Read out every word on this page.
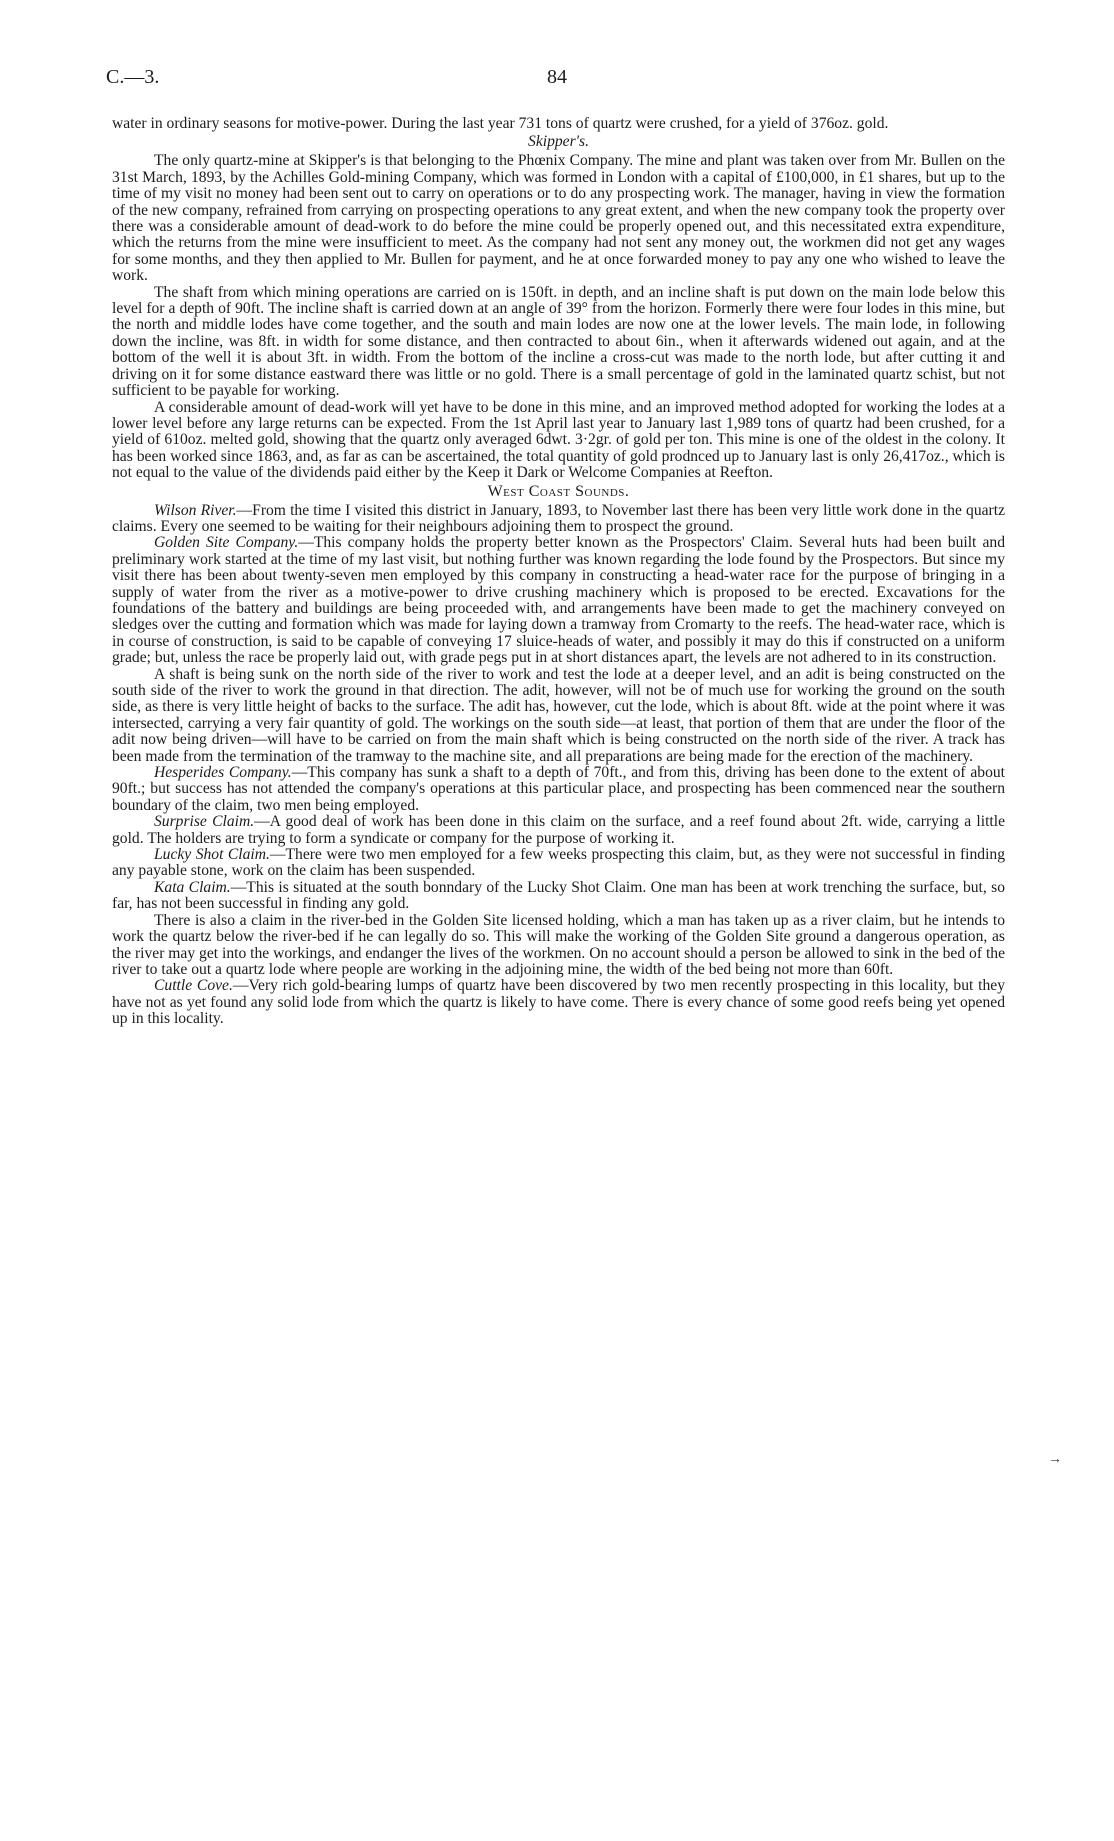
C.—3.	84

water in ordinary seasons for motive-power. During the last year 731 tons of quartz were crushed, for a yield of 376oz. gold.

Skipper's.

The only quartz-mine at Skipper's is that belonging to the Phœnix Company. The mine and plant was taken over from Mr. Bullen on the 31st March, 1893, by the Achilles Gold-mining Company, which was formed in London with a capital of £100,000, in £1 shares, but up to the time of my visit no money had been sent out to carry on operations or to do any prospecting work. The manager, having in view the formation of the new company, refrained from carrying on prospecting operations to any great extent, and when the new company took the property over there was a considerable amount of dead-work to do before the mine could be properly opened out, and this necessitated extra expenditure, which the returns from the mine were insufficient to meet. As the company had not sent any money out, the workmen did not get any wages for some months, and they then applied to Mr. Bullen for payment, and he at once forwarded money to pay any one who wished to leave the work.

The shaft from which mining operations are carried on is 150ft. in depth, and an incline shaft is put down on the main lode below this level for a depth of 90ft. The incline shaft is carried down at an angle of 39° from the horizon. Formerly there were four lodes in this mine, but the north and middle lodes have come together, and the south and main lodes are now one at the lower levels. The main lode, in following down the incline, was 8ft. in width for some distance, and then contracted to about 6in., when it afterwards widened out again, and at the bottom of the well it is about 3ft. in width. From the bottom of the incline a cross-cut was made to the north lode, but after cutting it and driving on it for some distance eastward there was little or no gold. There is a small percentage of gold in the laminated quartz schist, but not sufficient to be payable for working.

A considerable amount of dead-work will yet have to be done in this mine, and an improved method adopted for working the lodes at a lower level before any large returns can be expected. From the 1st April last year to January last 1,989 tons of quartz had been crushed, for a yield of 610oz. melted gold, showing that the quartz only averaged 6dwt. 3·2gr. of gold per ton. This mine is one of the oldest in the colony. It has been worked since 1863, and, as far as can be ascertained, the total quantity of gold prodnced up to January last is only 26,417oz., which is not equal to the value of the dividends paid either by the Keep it Dark or Welcome Companies at Reefton.

West Coast Sounds.

Wilson River.—From the time I visited this district in January, 1893, to November last there has been very little work done in the quartz claims. Every one seemed to be waiting for their neighbours adjoining them to prospect the ground.

Golden Site Company.—This company holds the property better known as the Prospectors' Claim. Several huts had been built and preliminary work started at the time of my last visit, but nothing further was known regarding the lode found by the Prospectors. But since my visit there has been about twenty-seven men employed by this company in constructing a head-water race for the purpose of bringing in a supply of water from the river as a motive-power to drive crushing machinery which is proposed to be erected. Excavations for the foundations of the battery and buildings are being proceeded with, and arrangements have been made to get the machinery conveyed on sledges over the cutting and formation which was made for laying down a tramway from Cromarty to the reefs. The head-water race, which is in course of construction, is said to be capable of conveying 17 sluice-heads of water, and possibly it may do this if constructed on a uniform grade; but, unless the race be properly laid out, with grade pegs put in at short distances apart, the levels are not adhered to in its construction.

A shaft is being sunk on the north side of the river to work and test the lode at a deeper level, and an adit is being constructed on the south side of the river to work the ground in that direction. The adit, however, will not be of much use for working the ground on the south side, as there is very little height of backs to the surface. The adit has, however, cut the lode, which is about 8ft. wide at the point where it was intersected, carrying a very fair quantity of gold. The workings on the south side—at least, that portion of them that are under the floor of the adit now being driven—will have to be carried on from the main shaft which is being constructed on the north side of the river. A track has been made from the termination of the tramway to the machine site, and all preparations are being made for the erection of the machinery.

Hesperides Company.—This company has sunk a shaft to a depth of 70ft., and from this, driving has been done to the extent of about 90ft.; but success has not attended the company's operations at this particular place, and prospecting has been commenced near the southern boundary of the claim, two men being employed.

Surprise Claim.—A good deal of work has been done in this claim on the surface, and a reef found about 2ft. wide, carrying a little gold. The holders are trying to form a syndicate or company for the purpose of working it.

Lucky Shot Claim.—There were two men employed for a few weeks prospecting this claim, but, as they were not successful in finding any payable stone, work on the claim has been suspended.

Kata Claim.—This is situated at the south bonndary of the Lucky Shot Claim. One man has been at work trenching the surface, but, so far, has not been successful in finding any gold.

There is also a claim in the river-bed in the Golden Site licensed holding, which a man has taken up as a river claim, but he intends to work the quartz below the river-bed if he can legally do so. This will make the working of the Golden Site ground a dangerous operation, as the river may get into the workings, and endanger the lives of the workmen. On no account should a person be allowed to sink in the bed of the river to take out a quartz lode where people are working in the adjoining mine, the width of the bed being not more than 60ft.

Cuttle Cove.—Very rich gold-bearing lumps of quartz have been discovered by two men recently prospecting in this locality, but they have not as yet found any solid lode from which the quartz is likely to have come. There is every chance of some good reefs being yet opened up in this locality.

→
